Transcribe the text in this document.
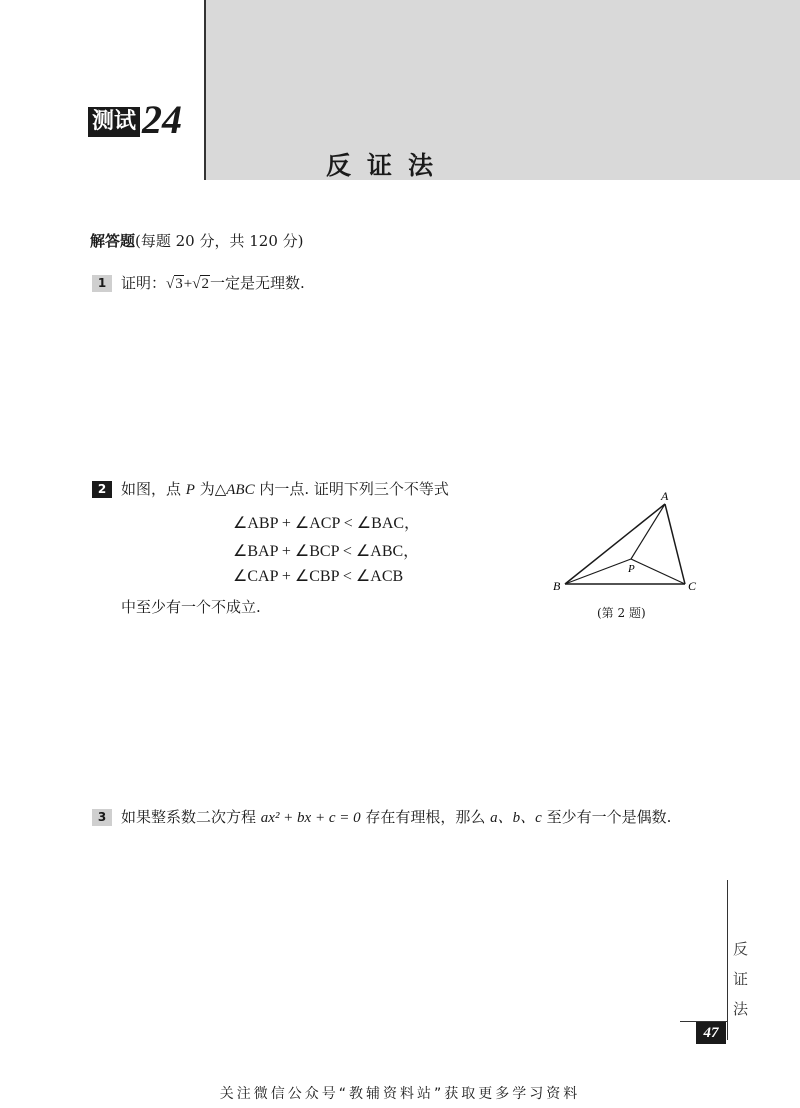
测试 24
反证法
解答题(每题 20 分，共 120 分)
1 证明：√3+√2一定是无理数.
2 如图，点 P 为△ABC 内一点. 证明下列三个不等式
∠ABP + ∠ACP < ∠BAC，
∠BAP + ∠BCP < ∠ABC，
∠CAP + ∠CBP < ∠ACB
中至少有一个不成立.
A
B	C
P
(第 2 题)
3 如果整系数二次方程 ax² + bx + c = 0 存在有理根，那么 a、b、c 至少有一个是偶数.
反
证
法
47
关注微信公众号“教辅资料站”获取更多学习资料
